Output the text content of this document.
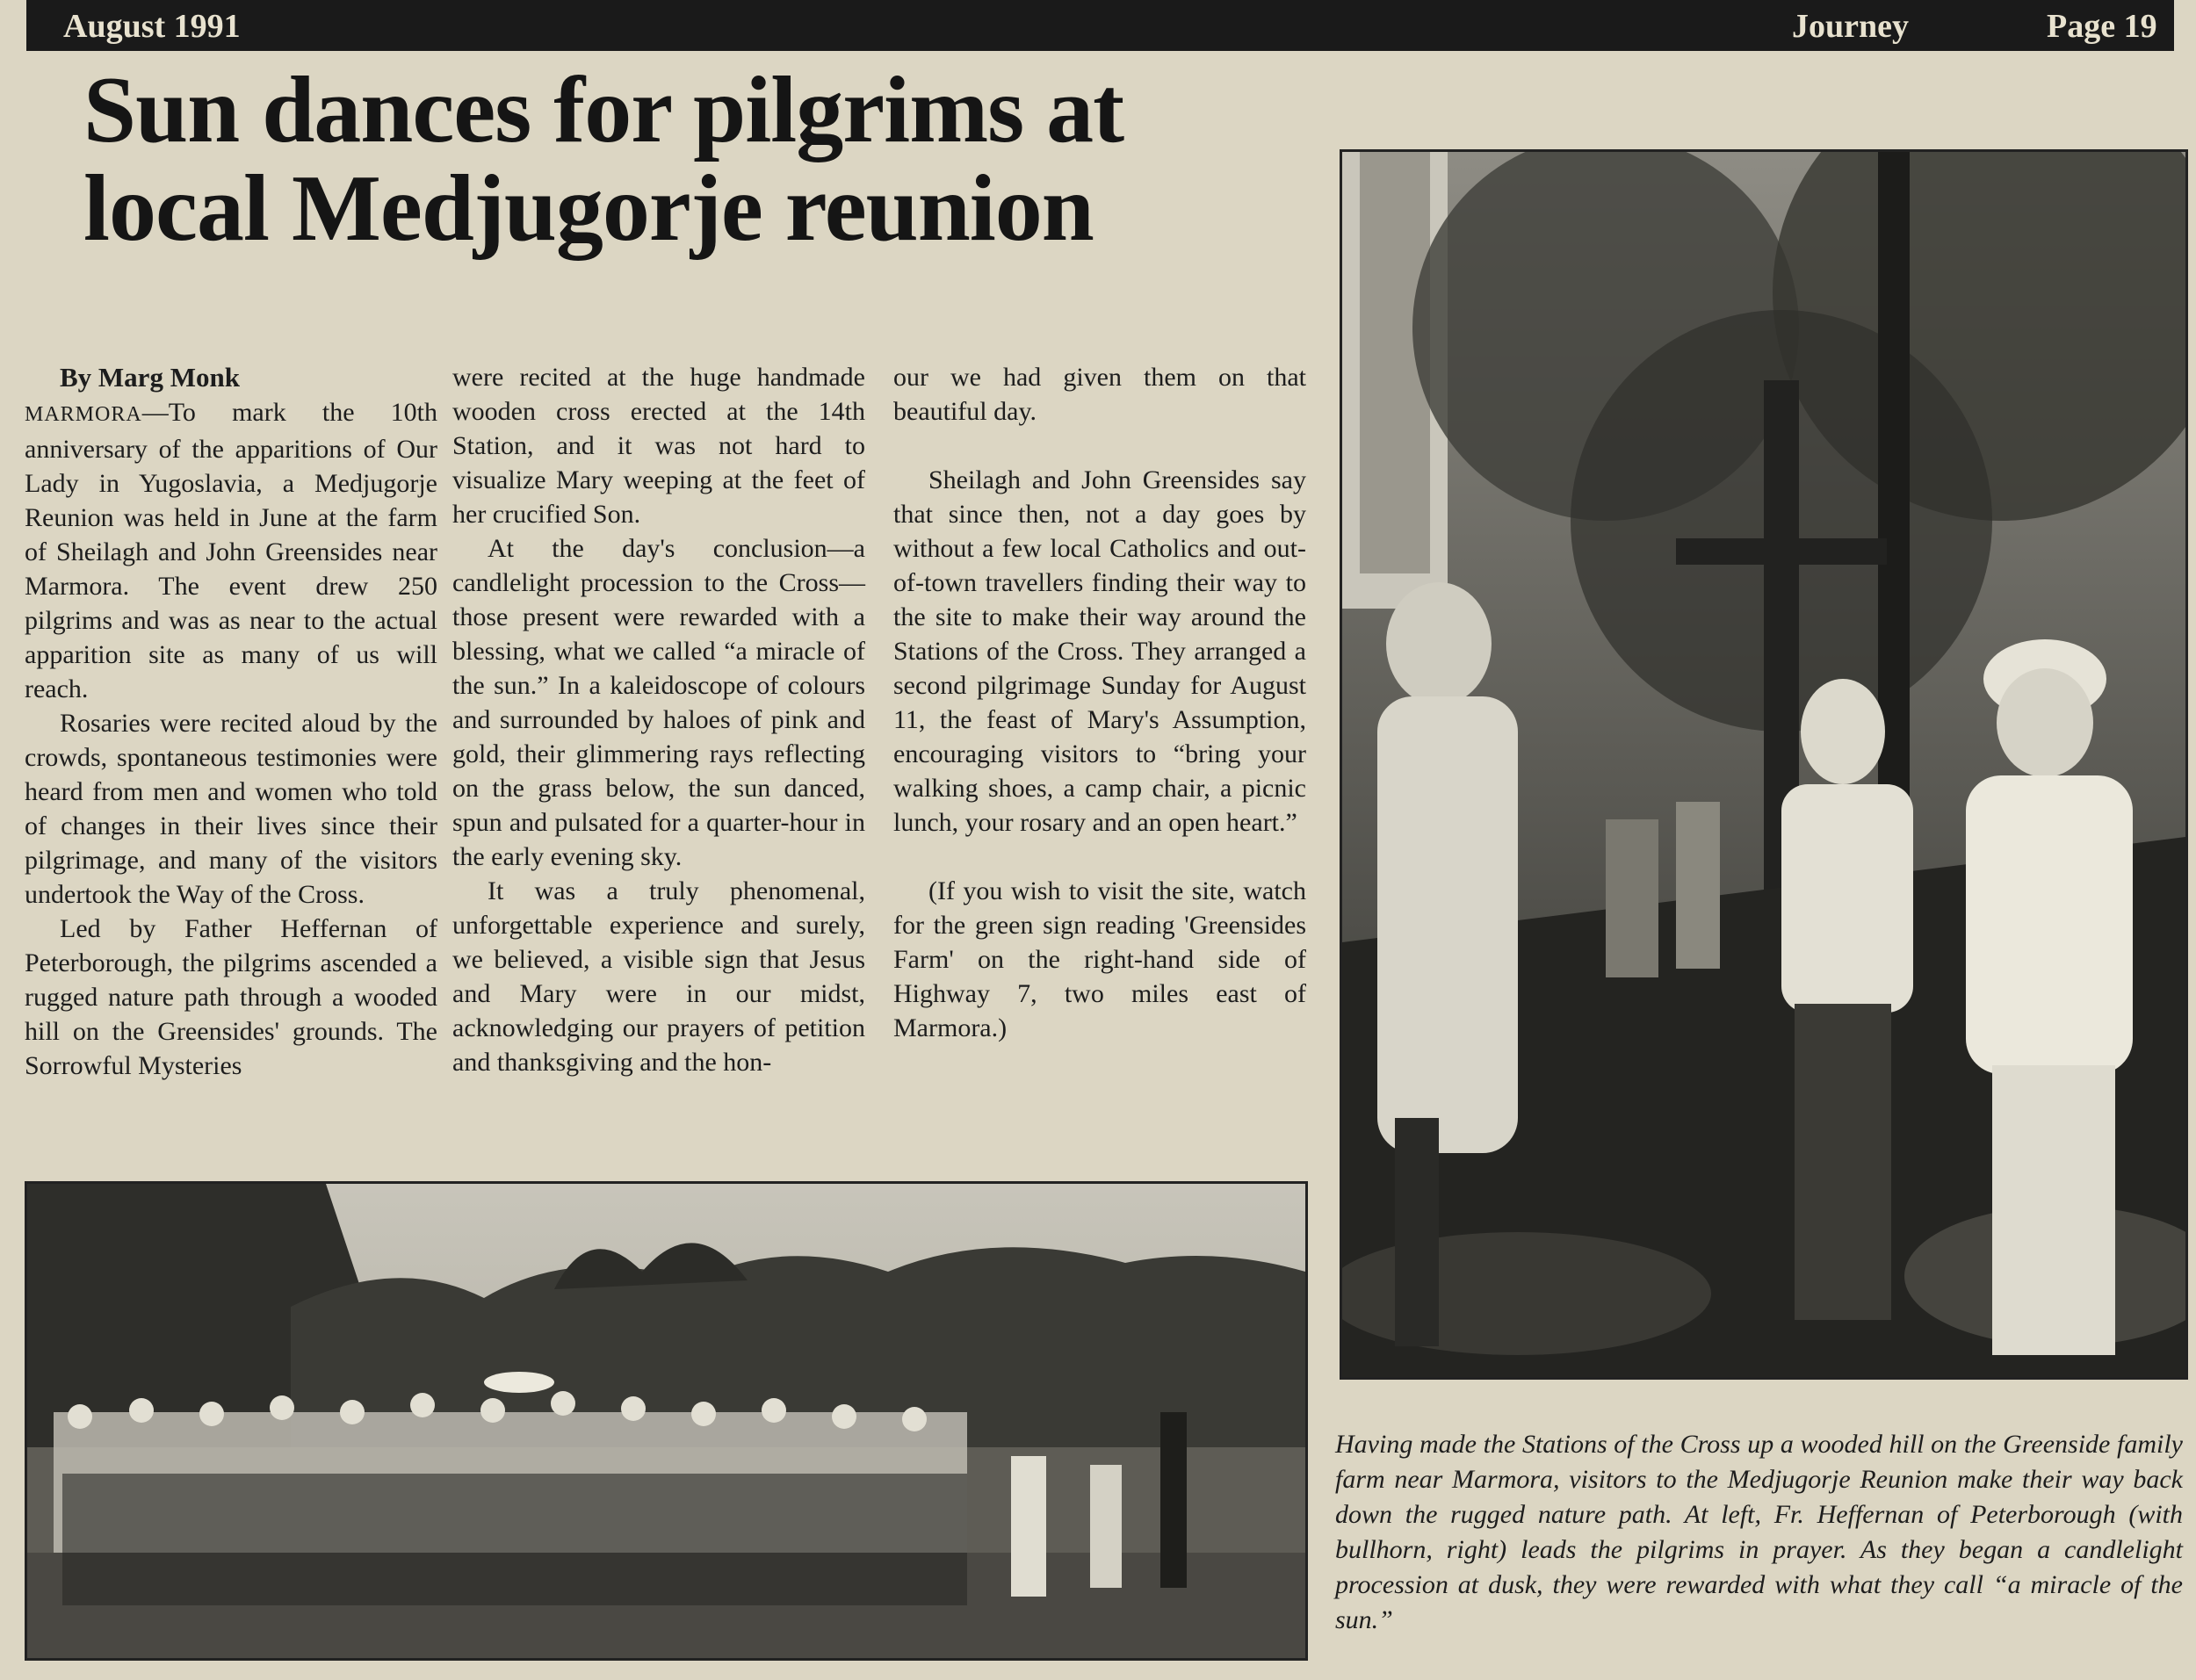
August 1991	Journey	Page 19
Sun dances for pilgrims at
local Medjugorje reunion

By Marg Monk

MARMORA—To mark the 10th anniversary of the apparitions of Our Lady in Yugoslavia, a Medjugorje Reunion was held in June at the farm of Sheilagh and John Greensides near Marmora. The event drew 250 pilgrims and was as near to the actual apparition site as many of us will reach.

Rosaries were recited aloud by the crowds, spontaneous testimonies were heard from men and women who told of changes in their lives since their pilgrimage, and many of the visitors undertook the Way of the Cross.

Led by Father Heffernan of Peterborough, the pilgrims ascended a rugged nature path through a wooded hill on the Greensides' grounds. The Sorrowful Mysteries

were recited at the huge handmade wooden cross erected at the 14th Station, and it was not hard to visualize Mary weeping at the feet of her crucified Son.

At the day's conclusion—a candlelight procession to the Cross—those present were rewarded with a blessing, what we called “a miracle of the sun.” In a kaleidoscope of colours and surrounded by haloes of pink and gold, their glimmering rays reflecting on the grass below, the sun danced, spun and pulsated for a quarter-hour in the early evening sky.

It was a truly phenomenal, unforgettable experience and surely, we believed, a visible sign that Jesus and Mary were in our midst, acknowledging our prayers of petition and thanksgiving and the hon-

our we had given them on that beautiful day.

Sheilagh and John Greensides say that since then, not a day goes by without a few local Catholics and out-of-town travellers finding their way to the site to make their way around the Stations of the Cross. They arranged a second pilgrimage Sunday for August 11, the feast of Mary's Assumption, encouraging visitors to “bring your walking shoes, a camp chair, a picnic lunch, your rosary and an open heart.”

(If you wish to visit the site, watch for the green sign reading 'Greensides Farm' on the right-hand side of Highway 7, two miles east of Marmora.)

Having made the Stations of the Cross up a wooded hill on the Greenside family farm near Marmora, visitors to the Medjugorje Reunion make their way back down the rugged nature path. At left, Fr. Heffernan of Peterborough (with bullhorn, right) leads the pilgrims in prayer. As they began a candlelight procession at dusk, they were rewarded with what they call “a miracle of the sun.”
